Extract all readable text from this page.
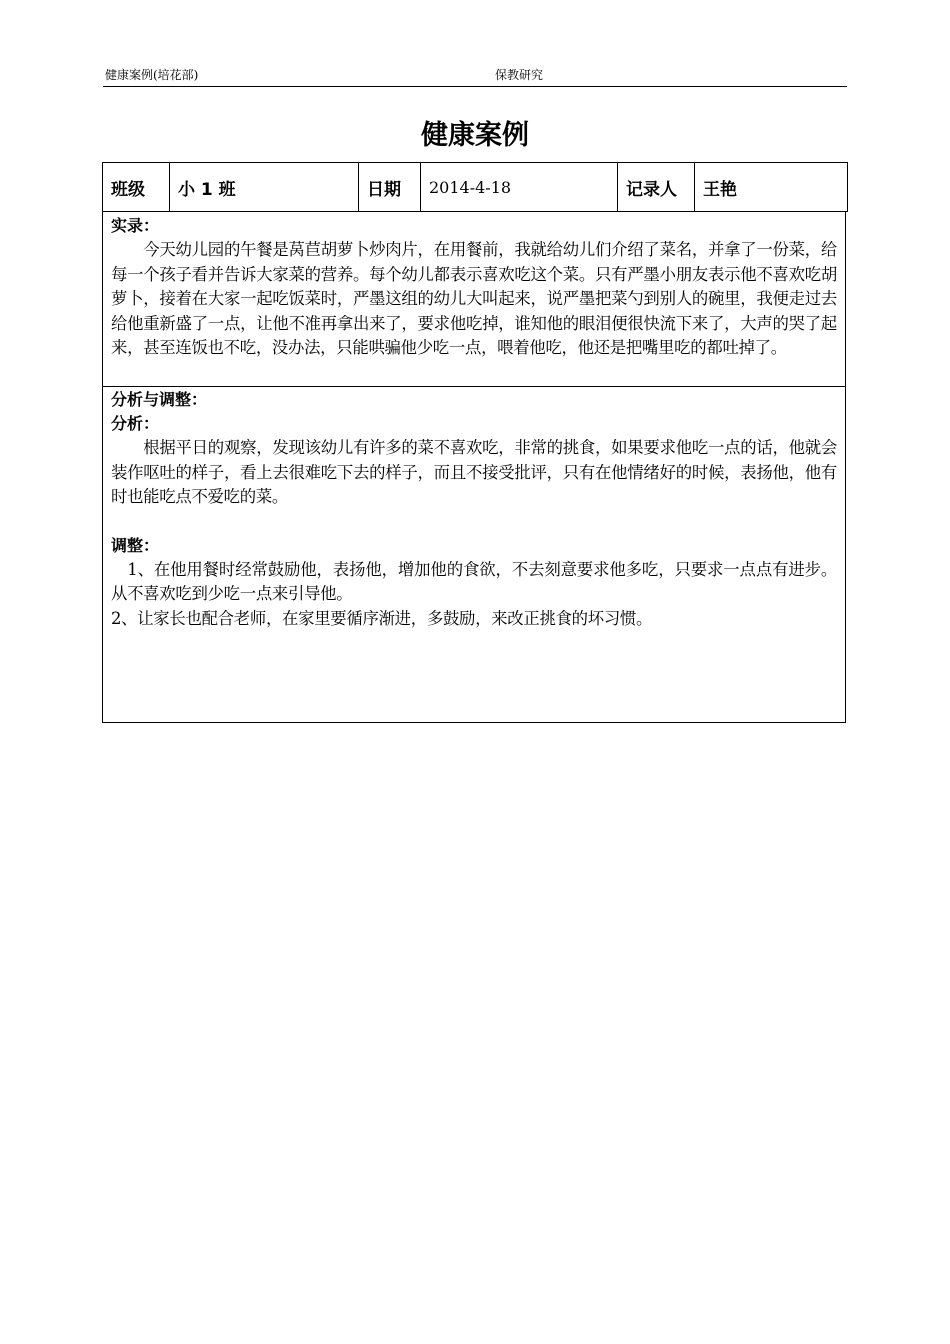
健康案例(培花部)	保教研究
健康案例
班级	小 1 班	日期	2014-4-18	记录人	王艳
实录：
　　今天幼儿园的午餐是莴苣胡萝卜炒肉片，在用餐前，我就给幼儿们介绍了菜名，并拿了一份菜，给每一个孩子看并告诉大家菜的营养。每个幼儿都表示喜欢吃这个菜。只有严墨小朋友表示他不喜欢吃胡萝卜，接着在大家一起吃饭菜时，严墨这组的幼儿大叫起来，说严墨把菜勺到别人的碗里，我便走过去给他重新盛了一点，让他不准再拿出来了，要求他吃掉，谁知他的眼泪便很快流下来了，大声的哭了起来，甚至连饭也不吃，没办法，只能哄骗他少吃一点，喂着他吃，他还是把嘴里吃的都吐掉了。
分析与调整：
分析：
　　根据平日的观察，发现该幼儿有许多的菜不喜欢吃，非常的挑食，如果要求他吃一点的话，他就会装作呕吐的样子，看上去很难吃下去的样子，而且不接受批评，只有在他情绪好的时候，表扬他，他有时也能吃点不爱吃的菜。
调整：
　1、在他用餐时经常鼓励他，表扬他，增加他的食欲，不去刻意要求他多吃，只要求一点点有进步。从不喜欢吃到少吃一点来引导他。
2、让家长也配合老师，在家里要循序渐进，多鼓励，来改正挑食的坏习惯。
